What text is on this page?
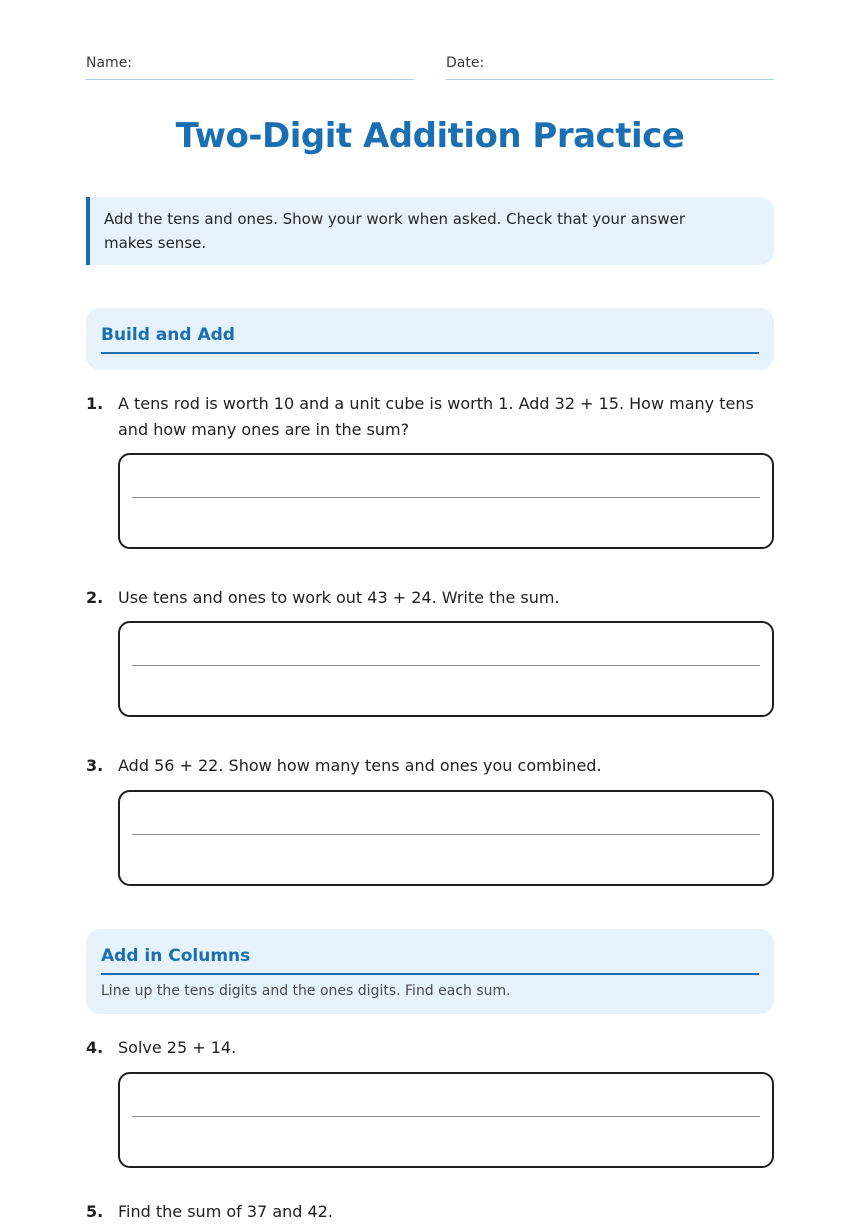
Name:	Date:
Two-Digit Addition Practice
Add the tens and ones. Show your work when asked. Check that your answer makes sense.
Build and Add
1. A tens rod is worth 10 and a unit cube is worth 1. Add 32 + 15. How many tens and how many ones are in the sum?
2. Use tens and ones to work out 43 + 24. Write the sum.
3. Add 56 + 22. Show how many tens and ones you combined.
Add in Columns
Line up the tens digits and the ones digits. Find each sum.
4. Solve 25 + 14.
5. Find the sum of 37 and 42.
